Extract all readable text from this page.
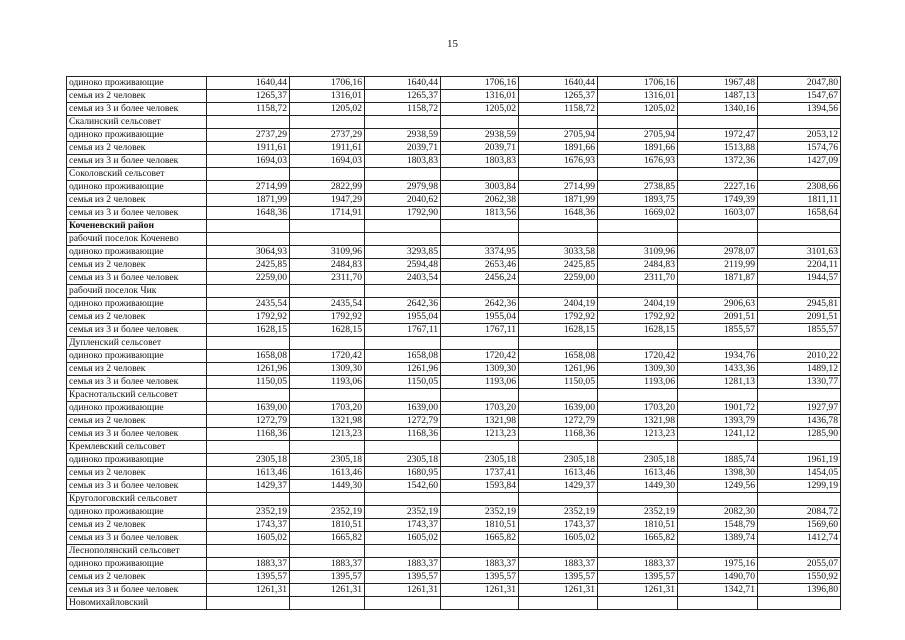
15
одиноко проживающие	1640,44	1706,16	1640,44	1706,16	1640,44	1706,16	1967,48	2047,80
семья из 2 человек	1265,37	1316,01	1265,37	1316,01	1265,37	1316,01	1487,13	1547,67
семья из 3 и более человек	1158,72	1205,02	1158,72	1205,02	1158,72	1205,02	1340,16	1394,56
Скалинский сельсовет								
одиноко проживающие	2737,29	2737,29	2938,59	2938,59	2705,94	2705,94	1972,47	2053,12
семья из 2 человек	1911,61	1911,61	2039,71	2039,71	1891,66	1891,66	1513,88	1574,76
семья из 3 и более человек	1694,03	1694,03	1803,83	1803,83	1676,93	1676,93	1372,36	1427,09
Соколовский сельсовет								
одиноко проживающие	2714,99	2822,99	2979,98	3003,84	2714,99	2738,85	2227,16	2308,66
семья из 2 человек	1871,99	1947,29	2040,62	2062,38	1871,99	1893,75	1749,39	1811,11
семья из 3 и более человек	1648,36	1714,91	1792,90	1813,56	1648,36	1669,02	1603,07	1658,64
Коченевский район								
рабочий поселок Коченево								
одиноко проживающие	3064,93	3109,96	3293,85	3374,95	3033,58	3109,96	2978,07	3101,63
семья из 2 человек	2425,85	2484,83	2594,48	2653,46	2425,85	2484,83	2119,99	2204,11
семья из 3 и более человек	2259,00	2311,70	2403,54	2456,24	2259,00	2311,70	1871,87	1944,57
рабочий поселок Чик								
одиноко проживающие	2435,54	2435,54	2642,36	2642,36	2404,19	2404,19	2906,63	2945,81
семья из 2 человек	1792,92	1792,92	1955,04	1955,04	1792,92	1792,92	2091,51	2091,51
семья из 3 и более человек	1628,15	1628,15	1767,11	1767,11	1628,15	1628,15	1855,57	1855,57
Дупленский сельсовет								
одиноко проживающие	1658,08	1720,42	1658,08	1720,42	1658,08	1720,42	1934,76	2010,22
семья из 2 человек	1261,96	1309,30	1261,96	1309,30	1261,96	1309,30	1433,36	1489,12
семья из 3 и более человек	1150,05	1193,06	1150,05	1193,06	1150,05	1193,06	1281,13	1330,77
Краснотальский сельсовет								
одиноко проживающие	1639,00	1703,20	1639,00	1703,20	1639,00	1703,20	1901,72	1927,97
семья из 2 человек	1272,79	1321,98	1272,79	1321,98	1272,79	1321,98	1393,79	1436,78
семья из 3 и более человек	1168,36	1213,23	1168,36	1213,23	1168,36	1213,23	1241,12	1285,90
Кремлевский сельсовет								
одиноко проживающие	2305,18	2305,18	2305,18	2305,18	2305,18	2305,18	1885,74	1961,19
семья из 2 человек	1613,46	1613,46	1680,95	1737,41	1613,46	1613,46	1398,30	1454,05
семья из 3 и более человек	1429,37	1449,30	1542,60	1593,84	1429,37	1449,30	1249,56	1299,19
Кругологовский сельсовет								
одиноко проживающие	2352,19	2352,19	2352,19	2352,19	2352,19	2352,19	2082,30	2084,72
семья из 2 человек	1743,37	1810,51	1743,37	1810,51	1743,37	1810,51	1548,79	1569,60
семья из 3 и более человек	1605,02	1665,82	1605,02	1665,82	1605,02	1665,82	1389,74	1412,74
Леснополянский сельсовет								
одиноко проживающие	1883,37	1883,37	1883,37	1883,37	1883,37	1883,37	1975,16	2055,07
семья из 2 человек	1395,57	1395,57	1395,57	1395,57	1395,57	1395,57	1490,70	1550,92
семья из 3 и более человек	1261,31	1261,31	1261,31	1261,31	1261,31	1261,31	1342,71	1396,80
Новомихайловский								
